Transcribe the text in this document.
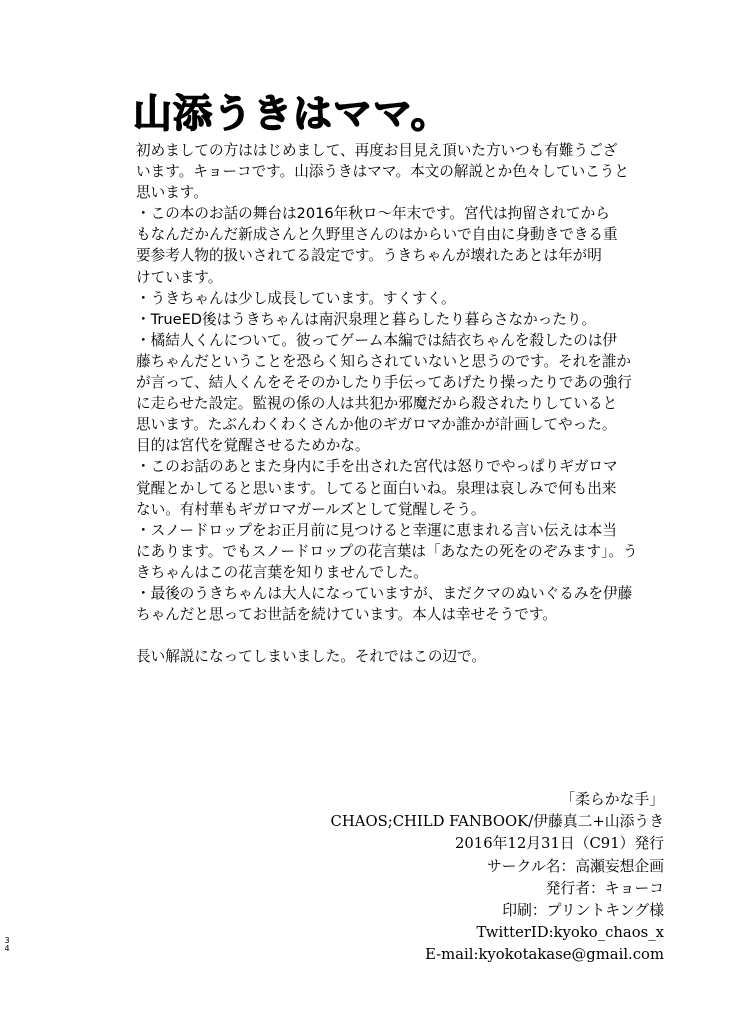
山添うきはママ。
初めましての方ははじめまして、再度お目見え頂いた方いつも有難うござ
います。キョーコです。山添うきはママ。本文の解説とか色々していこうと
思います。
・この本のお話の舞台は2016年秋ロ～年末です。宮代は拘留されてから
もなんだかんだ新成さんと久野里さんのはからいで自由に身動きできる重
要参考人物的扱いされてる設定です。うきちゃんが壊れたあとは年が明
けています。
・うきちゃんは少し成長しています。すくすく。
・TrueED後はうきちゃんは南沢泉理と暮らしたり暮らさなかったり。
・橘結人くんについて。彼ってゲーム本編では結衣ちゃんを殺したのは伊
藤ちゃんだということを恐らく知らされていないと思うのです。それを誰か
が言って、結人くんをそそのかしたり手伝ってあげたり操ったりであの強行
に走らせた設定。監視の係の人は共犯か邪魔だから殺されたりしていると
思います。たぶんわくわくさんか他のギガロマか誰かが計画してやった。
目的は宮代を覚醒させるためかな。
・このお話のあとまた身内に手を出された宮代は怒りでやっぱりギガロマ
覚醒とかしてると思います。してると面白いね。泉理は哀しみで何も出来
ない。有村華もギガロマガールズとして覚醒しそう。
・スノードロップをお正月前に見つけると幸運に恵まれる言い伝えは本当
にあります。でもスノードロップの花言葉は「あなたの死をのぞみます」。う
きちゃんはこの花言葉を知りませんでした。
・最後のうきちゃんは大人になっていますが、まだクマのぬいぐるみを伊藤
ちゃんだと思ってお世話を続けています。本人は幸せそうです。
長い解説になってしまいました。それではこの辺で。
「柔らかな手」
CHAOS;CHILD FANBOOK/伊藤真二+山添うき
2016年12月31日（C91）発行
サークル名：高瀬妄想企画
発行者：キョーコ
印刷：プリントキング様
TwitterID:kyoko_chaos_x
E-mail:kyokotakase@gmail.com
34
